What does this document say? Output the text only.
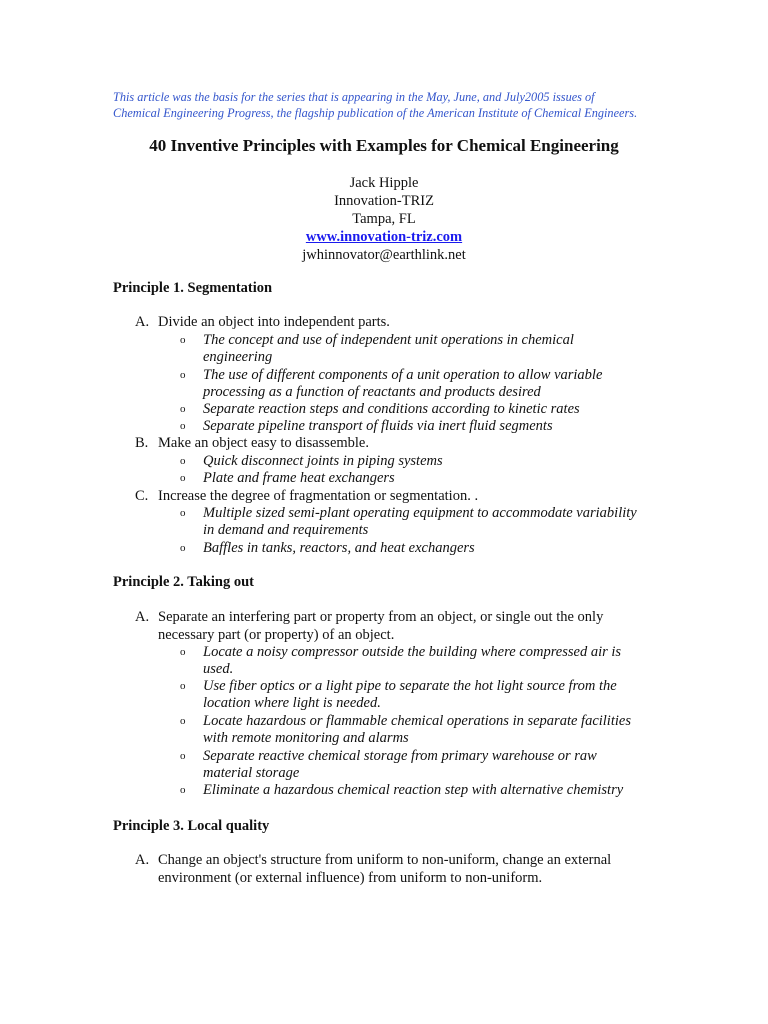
This article was the basis for the series that is appearing in the May, June, and July2005 issues of
Chemical Engineering Progress, the flagship publication of the American Institute of Chemical Engineers.
40 Inventive Principles with Examples for Chemical Engineering
Jack Hipple
Innovation-TRIZ
Tampa, FL
www.innovation-triz.com
jwhinnovator@earthlink.net
Principle 1. Segmentation
A. Divide an object into independent parts.
o The concept and use of independent unit operations in chemical
engineering
o The use of different components of a unit operation to allow variable
processing as a function of reactants and products desired
o Separate reaction steps and conditions according to kinetic rates
o Separate pipeline transport of fluids via inert fluid segments
B. Make an object easy to disassemble.
o Quick disconnect joints in piping systems
o Plate and frame heat exchangers
C. Increase the degree of fragmentation or segmentation. .
o Multiple sized semi-plant operating equipment to accommodate variability
in demand and requirements
o Baffles in tanks, reactors, and heat exchangers
Principle 2. Taking out
A. Separate an interfering part or property from an object, or single out the only
necessary part (or property) of an object.
o Locate a noisy compressor outside the building where compressed air is
used.
o Use fiber optics or a light pipe to separate the hot light source from the
location where light is needed.
o Locate hazardous or flammable chemical operations in separate facilities
with remote monitoring and alarms
o Separate reactive chemical storage from primary warehouse or raw
material storage
o Eliminate a hazardous chemical reaction step with alternative chemistry
Principle 3. Local quality
A. Change an object's structure from uniform to non-uniform, change an external
environment (or external influence) from uniform to non-uniform.
